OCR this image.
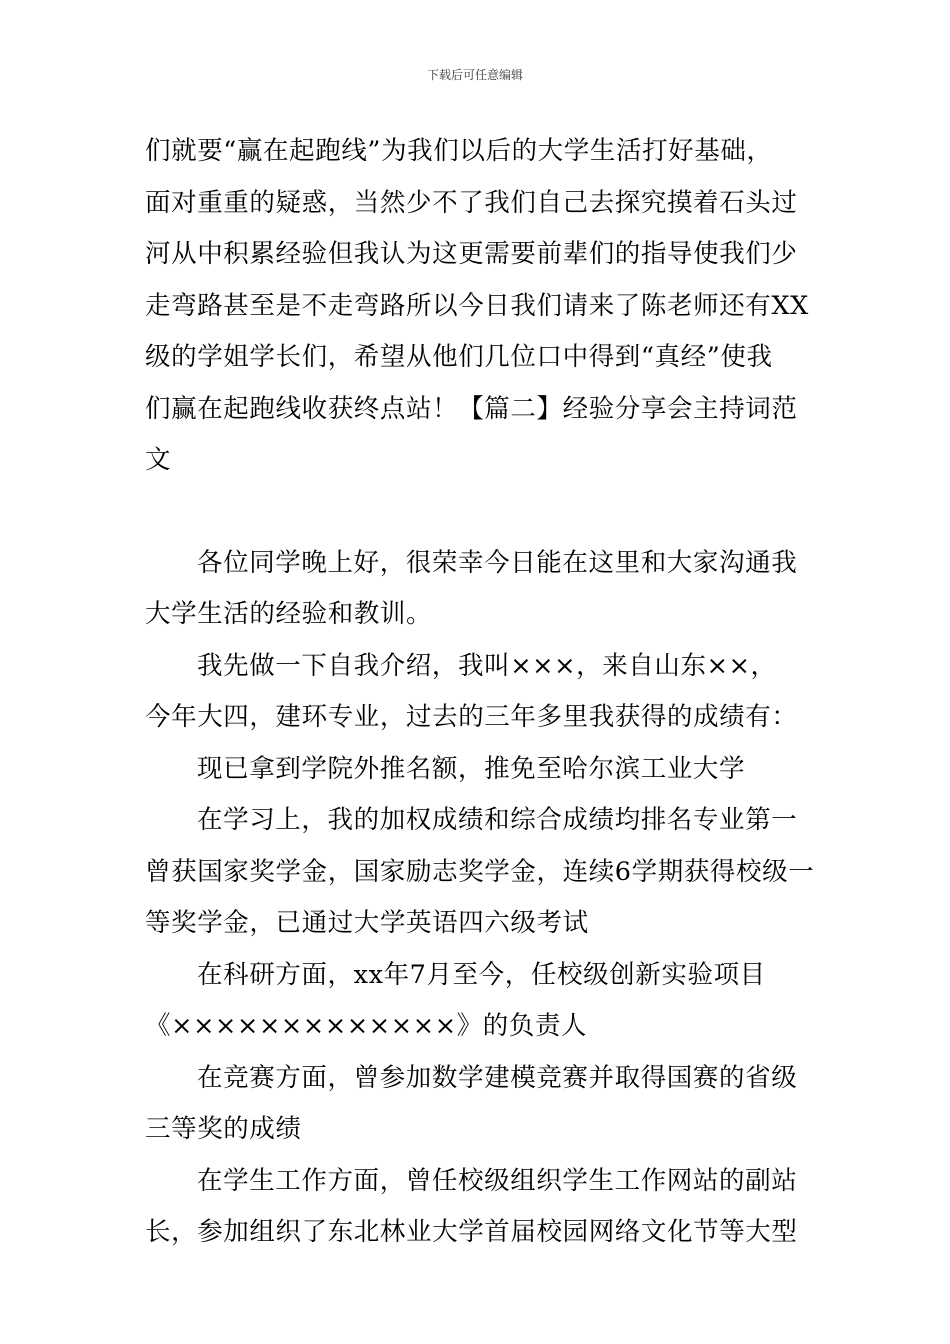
下载后可任意编辑
们就要“赢在起跑线”为我们以后的大学生活打好基础，
面对重重的疑惑，当然少不了我们自己去探究摸着石头过
河从中积累经验但我认为这更需要前辈们的指导使我们少
走弯路甚至是不走弯路所以今日我们请来了陈老师还有XX
级的学姐学长们，希望从他们几位口中得到“真经”使我
们赢在起跑线收获终点站！【篇二】经验分享会主持词范
文
各位同学晚上好，很荣幸今日能在这里和大家沟通我
大学生活的经验和教训。
我先做一下自我介绍，我叫×××，来自山东××，
今年大四，建环专业，过去的三年多里我获得的成绩有：
现已拿到学院外推名额，推免至哈尔滨工业大学
在学习上，我的加权成绩和综合成绩均排名专业第一
曾获国家奖学金，国家励志奖学金，连续6学期获得校级一
等奖学金，已通过大学英语四六级考试
在科研方面，xx年7月至今，任校级创新实验项目
《×××××××××××××》的负责人
在竞赛方面，曾参加数学建模竞赛并取得国赛的省级
三等奖的成绩
在学生工作方面，曾任校级组织学生工作网站的副站
长，参加组织了东北林业大学首届校园网络文化节等大型
